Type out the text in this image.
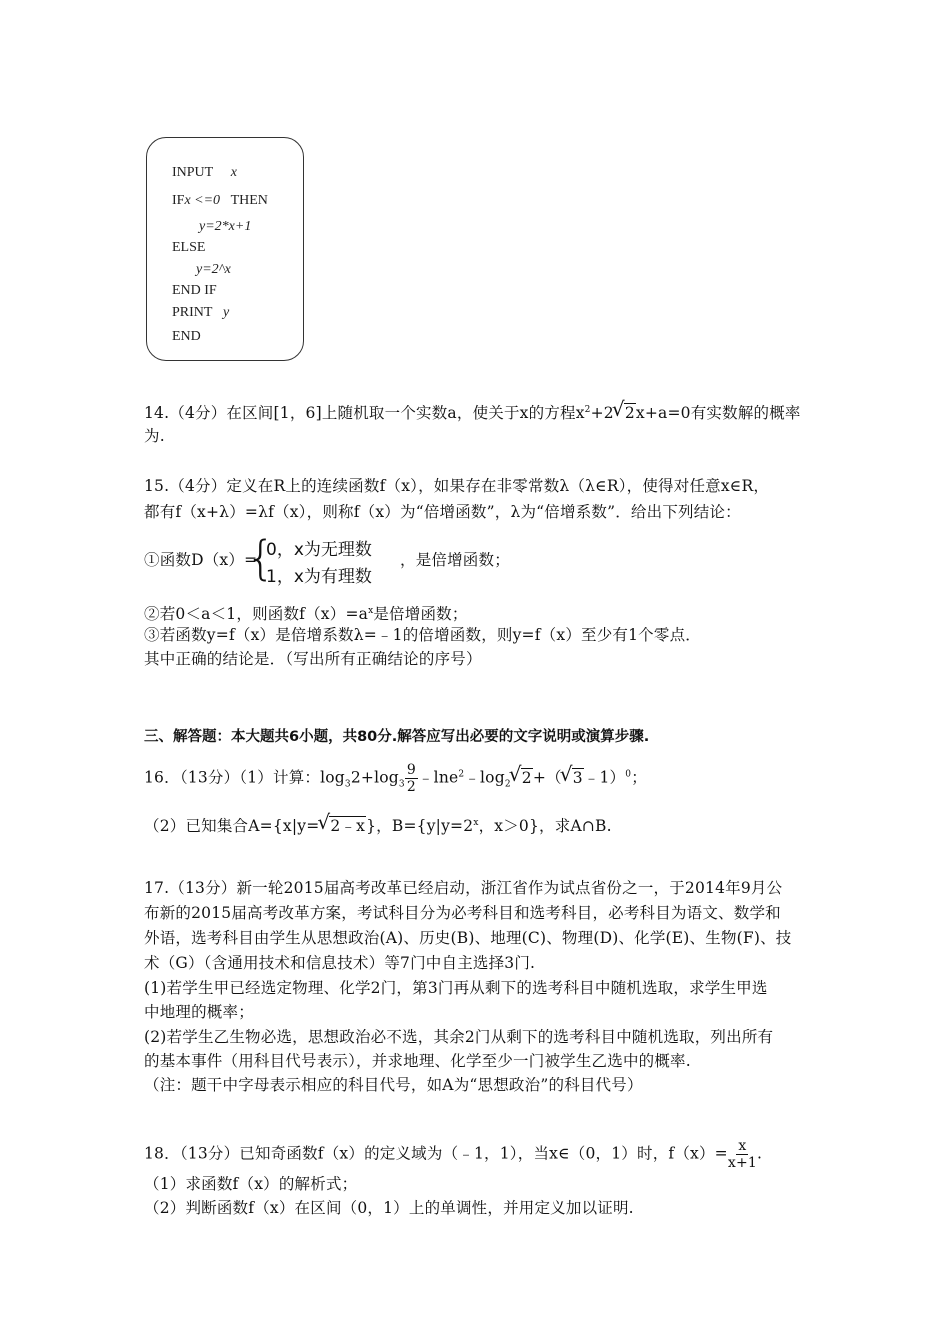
INPUT x
IFx <=0 THEN
y=2*x+1
ELSE
y=2^x
END IF
PRINT y
END
14.（4分）在区间[1，6]上随机取一个实数a，使关于x的方程$x^2+2√$ 2x+a=0有实数解的概率
为.
15.（4分）定义在R上的连续函数f（x），如果存在非零常数λ（λ∈R），使得对任意x∈R，
都有f（x+λ）=λf（x），则称f（x）为“倍增函数”，λ为“倍增系数”．给出下列结论：
①函数D（x）=
{
0，x为无理数
1，x为有理数
，是倍增函数；
②若0＜a＜1，则函数$f(x)=a^x$是倍增函数；
③若函数y=f（x）是倍增系数λ=﹣1的倍增函数，则y=f（x）至少有1个零点．
其中正确的结论是．（写出所有正确结论的序号）
三、解答题：本大题共6小题，共80分.解答应写出必要的文字说明或演算步骤.
16．（13分）（1）计算：$\log_32+\log_3 \frac{9}{2}$ $﹣\ln e^2﹣\log_2√$ 2+（√ 3﹣1）$^0$；
（2）已知集合A={x|y=√ 2﹣x}，$B=\{y|y=2^x$，x＞0}，求A∩B.
17.（13分）新一轮2015届高考改革已经启动，浙江省作为试点省份之一，于2014年9月公
布新的2015届高考改革方案，考试科目分为必考科目和选考科目，必考科目为语文、数学和
外语，选考科目由学生从思想政治(A)、历史(B)、地理(C)、物理(D)、化学(E)、生物(F)、技
术（G）（含通用技术和信息技术）等7门中自主选择3门.
(1)若学生甲已经选定物理、化学2门，第3门再从剩下的选考科目中随机选取，求学生甲选
中地理的概率；
(2)若学生乙生物必选，思想政治必不选，其余2门从剩下的选考科目中随机选取，列出所有
的基本事件（用科目代号表示），并求地理、化学至少一门被学生乙选中的概率.
（注：题干中字母表示相应的科目代号，如A为“思想政治”的科目代号）
18．（13分）已知奇函数f（x）的定义域为（﹣1，1），当x∈（0，1）时，$f(x)= \frac{x}{x+1}$ .
（1）求函数f（x）的解析式；
（2）判断函数f（x）在区间（0，1）上的单调性，并用定义加以证明.
